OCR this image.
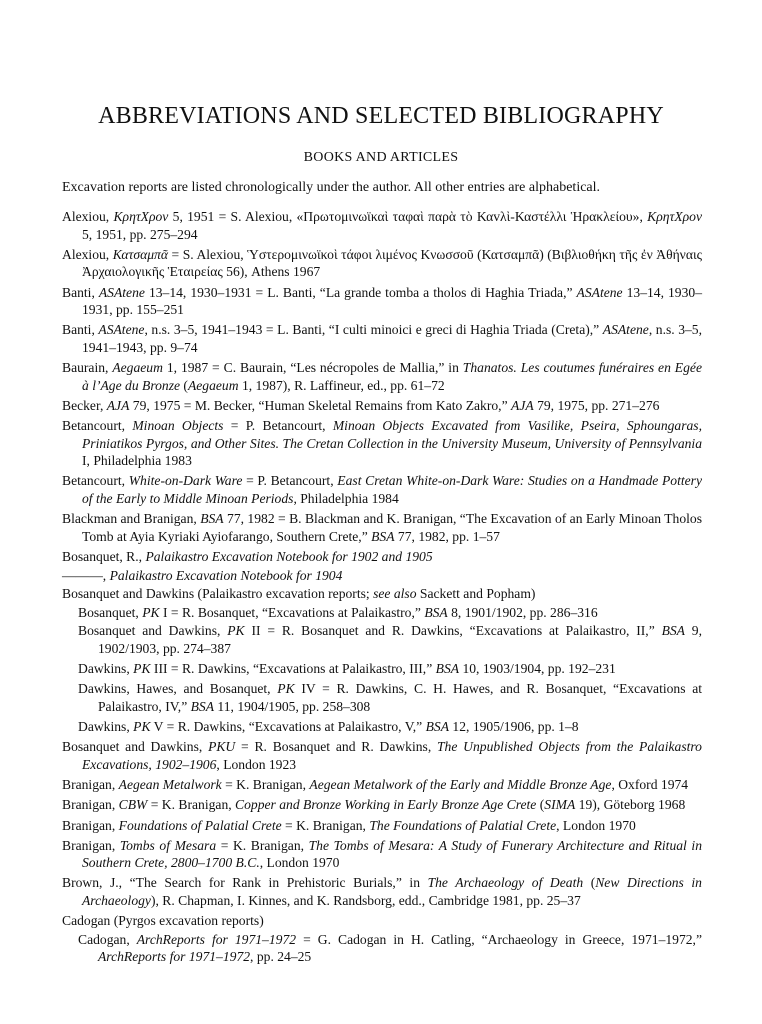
ABBREVIATIONS AND SELECTED BIBLIOGRAPHY
BOOKS AND ARTICLES
Excavation reports are listed chronologically under the author. All other entries are alphabetical.
Alexiou, ΚρητΧρον 5, 1951 = S. Alexiou, «Πρωτομινωϊκαὶ ταφαὶ παρὰ τὸ Καvλὶ-Καστέλλι Ἡρακλείου», ΚρητΧρον 5, 1951, pp. 275–294
Alexiou, Κατσαμπᾶ = S. Alexiou, Ὑστερομινωϊκοὶ τάφοι λιμένος Κνωσσοῦ (Κατσαμπᾶ) (Βιβλιοθήκη τῆς ἐν Ἀθήναις Ἀρχαιολογικῆς Ἑταιρείας 56), Athens 1967
Banti, ASAtene 13–14, 1930–1931 = L. Banti, “La grande tomba a tholos di Haghia Triada,” ASAtene 13–14, 1930–1931, pp. 155–251
Banti, ASAtene, n.s. 3–5, 1941–1943 = L. Banti, “I culti minoici e greci di Haghia Triada (Creta),” ASAtene, n.s. 3–5, 1941–1943, pp. 9–74
Baurain, Aegaeum 1, 1987 = C. Baurain, “Les nécropoles de Mallia,” in Thanatos. Les coutumes funéraires en Egée à l’Age du Bronze (Aegaeum 1, 1987), R. Laffineur, ed., pp. 61–72
Becker, AJA 79, 1975 = M. Becker, “Human Skeletal Remains from Kato Zakro,” AJA 79, 1975, pp. 271–276
Betancourt, Minoan Objects = P. Betancourt, Minoan Objects Excavated from Vasilike, Pseira, Sphoungaras, Priniatikos Pyrgos, and Other Sites. The Cretan Collection in the University Museum, University of Pennsylvania I, Philadelphia 1983
Betancourt, White-on-Dark Ware = P. Betancourt, East Cretan White-on-Dark Ware: Studies on a Handmade Pottery of the Early to Middle Minoan Periods, Philadelphia 1984
Blackman and Branigan, BSA 77, 1982 = B. Blackman and K. Branigan, “The Excavation of an Early Minoan Tholos Tomb at Ayia Kyriaki Ayiofarango, Southern Crete,” BSA 77, 1982, pp. 1–57
Bosanquet, R., Palaikastro Excavation Notebook for 1902 and 1905
———, Palaikastro Excavation Notebook for 1904
Bosanquet and Dawkins (Palaikastro excavation reports; see also Sackett and Popham)
Bosanquet, PK I = R. Bosanquet, “Excavations at Palaikastro,” BSA 8, 1901/1902, pp. 286–316
Bosanquet and Dawkins, PK II = R. Bosanquet and R. Dawkins, “Excavations at Palaikastro, II,” BSA 9, 1902/1903, pp. 274–387
Dawkins, PK III = R. Dawkins, “Excavations at Palaikastro, III,” BSA 10, 1903/1904, pp. 192–231
Dawkins, Hawes, and Bosanquet, PK IV = R. Dawkins, C. H. Hawes, and R. Bosanquet, “Excavations at Palaikastro, IV,” BSA 11, 1904/1905, pp. 258–308
Dawkins, PK V = R. Dawkins, “Excavations at Palaikastro, V,” BSA 12, 1905/1906, pp. 1–8
Bosanquet and Dawkins, PKU = R. Bosanquet and R. Dawkins, The Unpublished Objects from the Palaikastro Excavations, 1902–1906, London 1923
Branigan, Aegean Metalwork = K. Branigan, Aegean Metalwork of the Early and Middle Bronze Age, Oxford 1974
Branigan, CBW = K. Branigan, Copper and Bronze Working in Early Bronze Age Crete (SIMA 19), Göteborg 1968
Branigan, Foundations of Palatial Crete = K. Branigan, The Foundations of Palatial Crete, London 1970
Branigan, Tombs of Mesara = K. Branigan, The Tombs of Mesara: A Study of Funerary Architecture and Ritual in Southern Crete, 2800–1700 B.C., London 1970
Brown, J., “The Search for Rank in Prehistoric Burials,” in The Archaeology of Death (New Directions in Archaeology), R. Chapman, I. Kinnes, and K. Randsborg, edd., Cambridge 1981, pp. 25–37
Cadogan (Pyrgos excavation reports)
Cadogan, ArchReports for 1971–1972 = G. Cadogan in H. Catling, “Archaeology in Greece, 1971–1972,” ArchReports for 1971–1972, pp. 24–25
